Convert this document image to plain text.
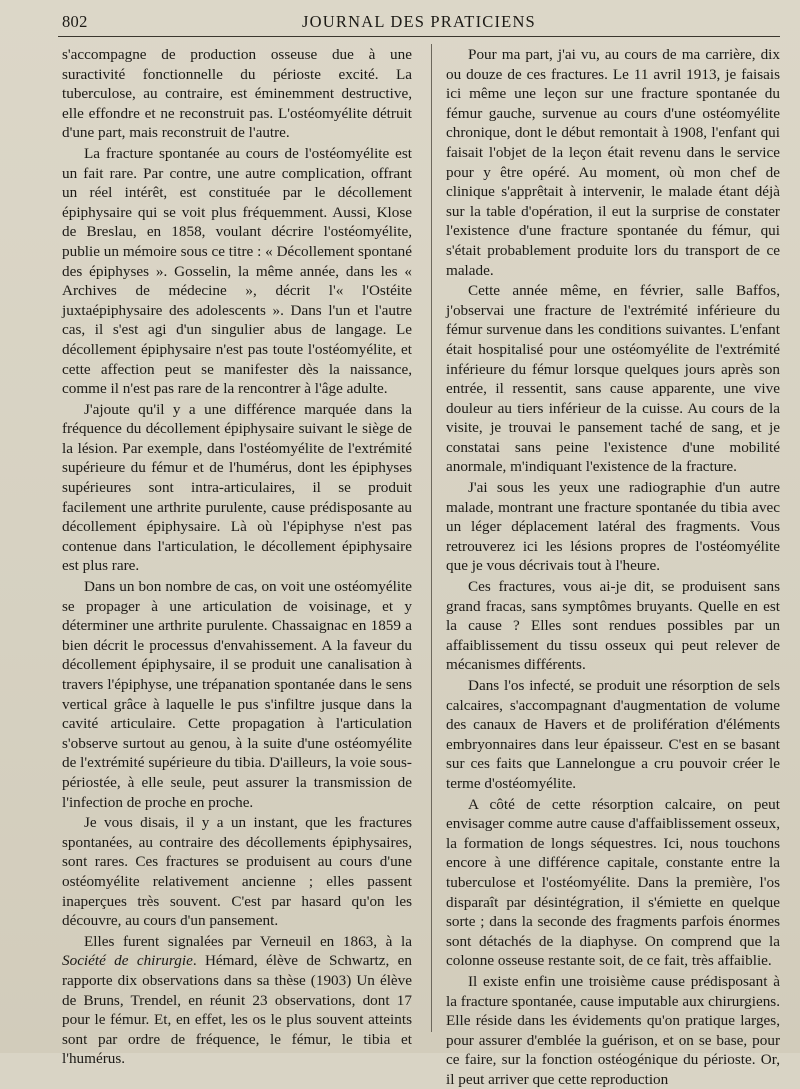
802	JOURNAL DES PRATICIENS

s'accompagne de production osseuse due à une suractivité fonctionnelle du périoste excité. La tuberculose, au contraire, est éminemment destructive, elle effondre et ne reconstruit pas. L'ostéomyélite détruit d'une part, mais reconstruit de l'autre.

La fracture spontanée au cours de l'ostéomyélite est un fait rare. Par contre, une autre complication, offrant un réel intérêt, est constituée par le décollement épiphysaire qui se voit plus fréquemment. Aussi, Klose de Breslau, en 1858, voulant décrire l'ostéomyélite, publie un mémoire sous ce titre : « Décollement spontané des épiphyses ». Gosselin, la même année, dans les « Archives de médecine », décrit l'« l'Ostéite juxtaépiphysaire des adolescents ». Dans l'un et l'autre cas, il s'est agi d'un singulier abus de langage. Le décollement épiphysaire n'est pas toute l'ostéomyélite, et cette affection peut se manifester dès la naissance, comme il n'est pas rare de la rencontrer à l'âge adulte.

J'ajoute qu'il y a une différence marquée dans la fréquence du décollement épiphysaire suivant le siège de la lésion. Par exemple, dans l'ostéomyélite de l'extrémité supérieure du fémur et de l'humérus, dont les épiphyses supérieures sont intra-articulaires, il se produit facilement une arthrite purulente, cause prédisposante au décollement épiphysaire. Là où l'épiphyse n'est pas contenue dans l'articulation, le décollement épiphysaire est plus rare.

Dans un bon nombre de cas, on voit une ostéomyélite se propager à une articulation de voisinage, et y déterminer une arthrite purulente. Chassaignac en 1859 a bien décrit le processus d'envahissement. A la faveur du décollement épiphysaire, il se produit une canalisation à travers l'épiphyse, une trépanation spontanée dans le sens vertical grâce à laquelle le pus s'infiltre jusque dans la cavité articulaire. Cette propagation à l'articulation s'observe surtout au genou, à la suite d'une ostéomyélite de l'extrémité supérieure du tibia. D'ailleurs, la voie sous-périostée, à elle seule, peut assurer la transmission de l'infection de proche en proche.

Je vous disais, il y a un instant, que les fractures spontanées, au contraire des décollements épiphysaires, sont rares. Ces fractures se produisent au cours d'une ostéomyélite relativement ancienne ; elles passent inaperçues très souvent. C'est par hasard qu'on les découvre, au cours d'un pansement.

Elles furent signalées par Verneuil en 1863, à la Société de chirurgie. Hémard, élève de Schwartz, en rapporte dix observations dans sa thèse (1903) Un élève de Bruns, Trendel, en réunit 23 observations, dont 17 pour le fémur. Et, en effet, les os le plus souvent atteints sont par ordre de fréquence, le fémur, le tibia et l'humérus.

Pour ma part, j'ai vu, au cours de ma carrière, dix ou douze de ces fractures. Le 11 avril 1913, je faisais ici même une leçon sur une fracture spontanée du fémur gauche, survenue au cours d'une ostéomyélite chronique, dont le début remontait à 1908, l'enfant qui faisait l'objet de la leçon était revenu dans le service pour y être opéré. Au moment, où mon chef de clinique s'apprêtait à intervenir, le malade étant déjà sur la table d'opération, il eut la surprise de constater l'existence d'une fracture spontanée du fémur, qui s'était probablement produite lors du transport de ce malade.

Cette année même, en février, salle Baffos, j'observai une fracture de l'extrémité inférieure du fémur survenue dans les conditions suivantes. L'enfant était hospitalisé pour une ostéomyélite de l'extrémité inférieure du fémur lorsque quelques jours après son entrée, il ressentit, sans cause apparente, une vive douleur au tiers inférieur de la cuisse. Au cours de la visite, je trouvai le pansement taché de sang, et je constatai sans peine l'existence d'une mobilité anormale, m'indiquant l'existence de la fracture.

J'ai sous les yeux une radiographie d'un autre malade, montrant une fracture spontanée du tibia avec un léger déplacement latéral des fragments. Vous retrouverez ici les lésions propres de l'ostéomyélite que je vous décrivais tout à l'heure.

Ces fractures, vous ai-je dit, se produisent sans grand fracas, sans symptômes bruyants. Quelle en est la cause ? Elles sont rendues possibles par un affaiblissement du tissu osseux qui peut relever de mécanismes différents.

Dans l'os infecté, se produit une résorption de sels calcaires, s'accompagnant d'augmentation de volume des canaux de Havers et de prolifération d'éléments embryonnaires dans leur épaisseur. C'est en se basant sur ces faits que Lannelongue a cru pouvoir créer le terme d'ostéomyélite.

A côté de cette résorption calcaire, on peut envisager comme autre cause d'affaiblissement osseux, la formation de longs séquestres. Ici, nous touchons encore à une différence capitale, constante entre la tuberculose et l'ostéomyélite. Dans la première, l'os disparaît par désintégration, il s'émiette en quelque sorte ; dans la seconde des fragments parfois énormes sont détachés de la diaphyse. On comprend que la colonne osseuse restante soit, de ce fait, très affaiblie.

Il existe enfin une troisième cause prédisposant à la fracture spontanée, cause imputable aux chirurgiens. Elle réside dans les évidements qu'on pratique larges, pour assurer d'emblée la guérison, et on se base, pour ce faire, sur la fonction ostéogénique du périoste. Or, il peut arriver que cette reproduction
